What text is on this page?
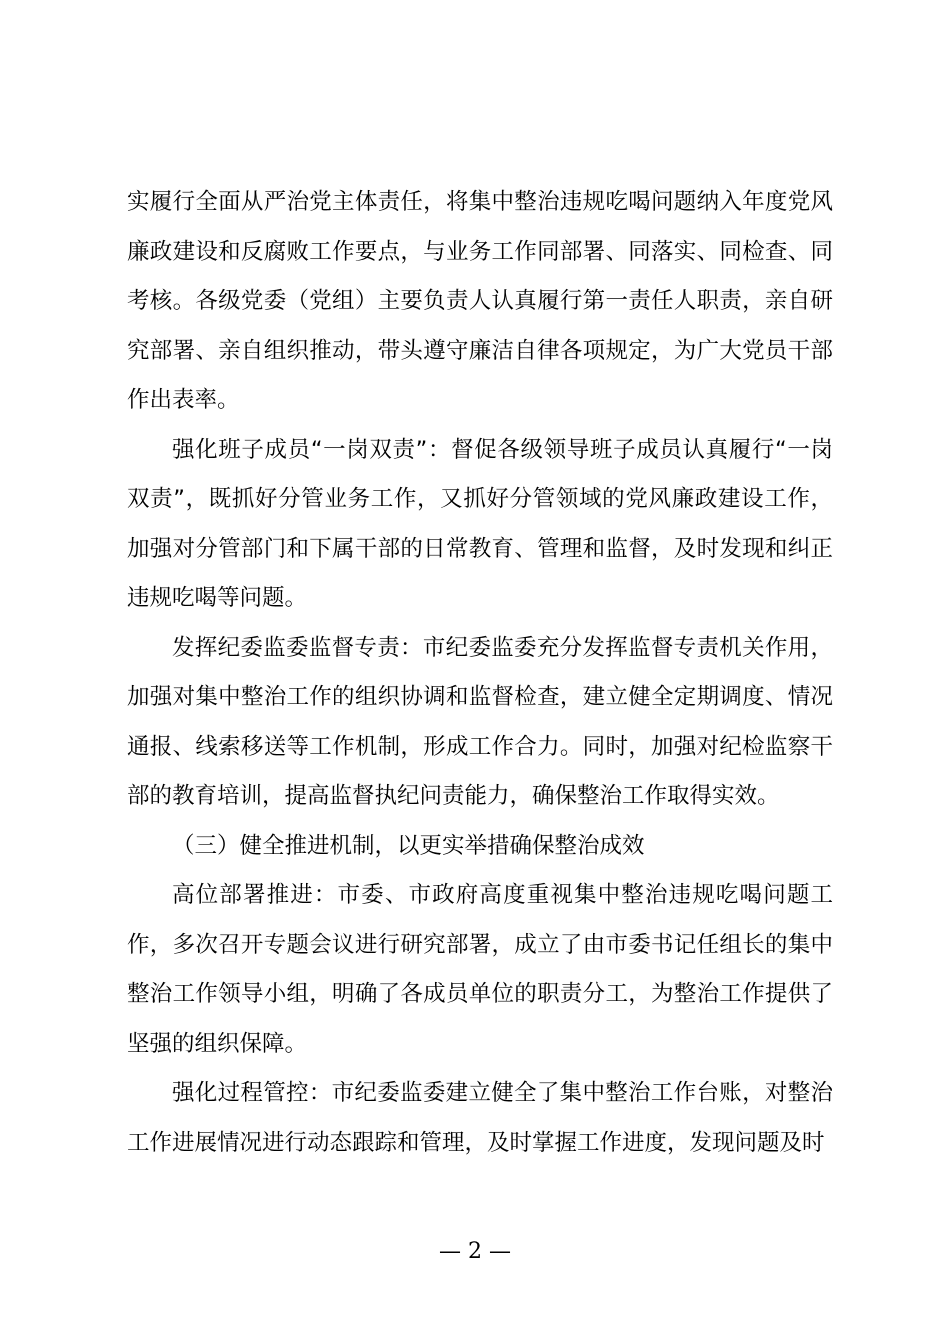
实履行全面从严治党主体责任，将集中整治违规吃喝问题纳入年度党风廉政建设和反腐败工作要点，与业务工作同部署、同落实、同检查、同考核。各级党委（党组）主要负责人认真履行第一责任人职责，亲自研究部署、亲自组织推动，带头遵守廉洁自律各项规定，为广大党员干部作出表率。

强化班子成员“一岗双责”：督促各级领导班子成员认真履行“一岗双责”，既抓好分管业务工作，又抓好分管领域的党风廉政建设工作，加强对分管部门和下属干部的日常教育、管理和监督，及时发现和纠正违规吃喝等问题。

发挥纪委监委监督专责：市纪委监委充分发挥监督专责机关作用，加强对集中整治工作的组织协调和监督检查，建立健全定期调度、情况通报、线索移送等工作机制，形成工作合力。同时，加强对纪检监察干部的教育培训，提高监督执纪问责能力，确保整治工作取得实效。

（三）健全推进机制，以更实举措确保整治成效

高位部署推进：市委、市政府高度重视集中整治违规吃喝问题工作，多次召开专题会议进行研究部署，成立了由市委书记任组长的集中整治工作领导小组，明确了各成员单位的职责分工，为整治工作提供了坚强的组织保障。

强化过程管控：市纪委监委建立健全了集中整治工作台账，对整治工作进展情况进行动态跟踪和管理，及时掌握工作进度，发现问题及时

— 2 —
